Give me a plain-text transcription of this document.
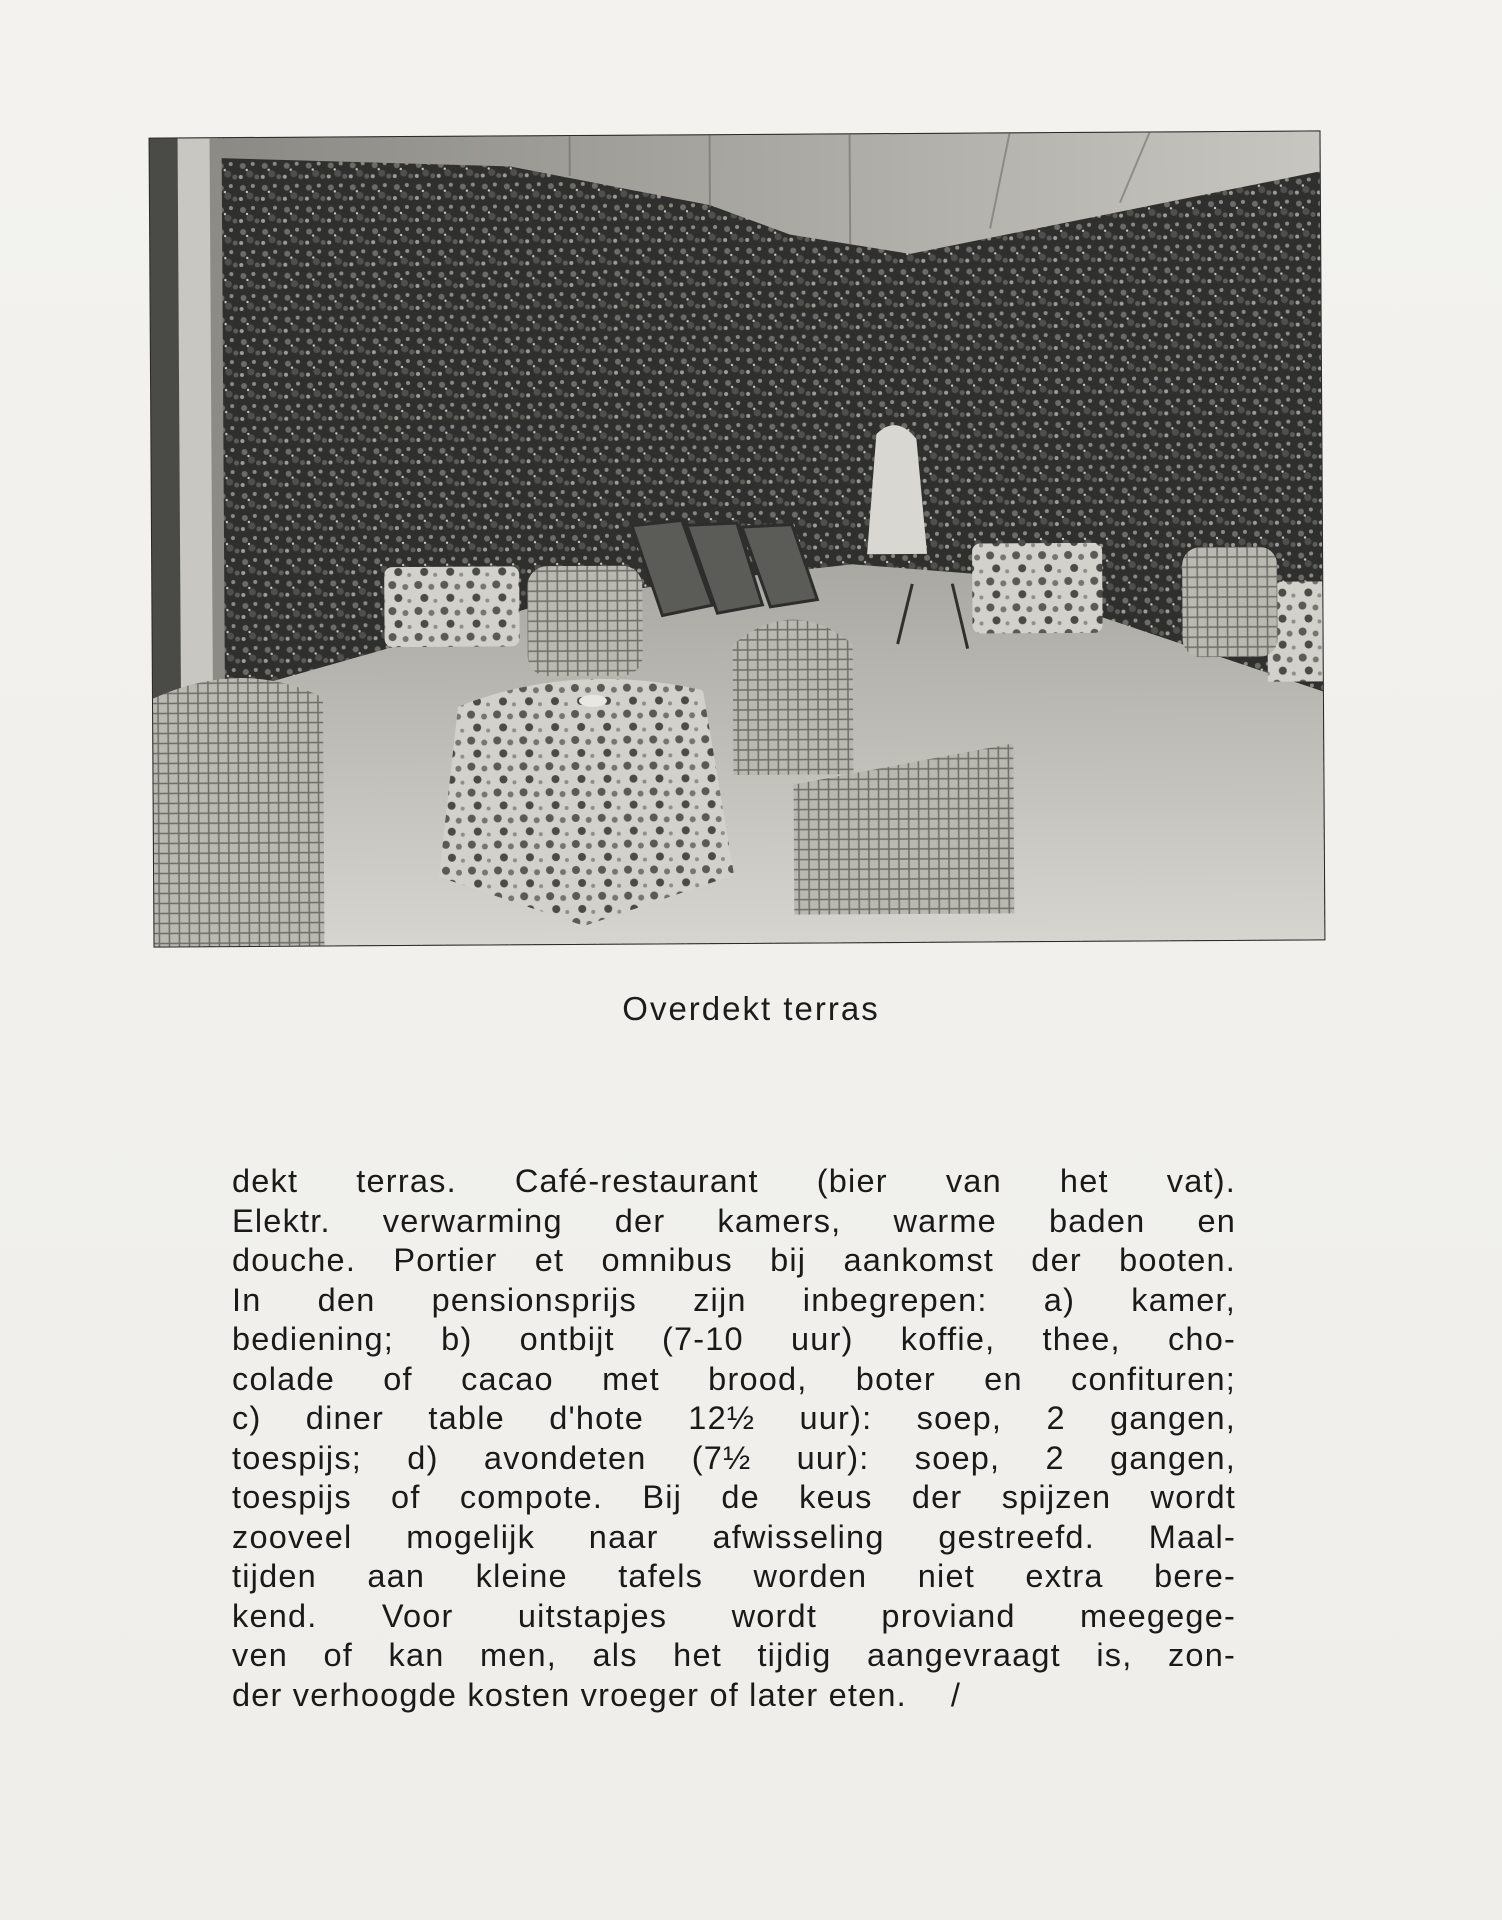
Overdekt terras
dekt terras. Café-restaurant (bier van het vat).
Elektr. verwarming der kamers, warme baden en
douche. Portier et omnibus bij aankomst der booten.
In den pensionsprijs zijn inbegrepen: a) kamer,
bediening; b) ontbijt (7-10 uur) koffie, thee, cho-
colade of cacao met brood, boter en confituren;
c) diner table d'hote 12½ uur): soep, 2 gangen,
toespijs; d) avondeten (7½ uur): soep, 2 gangen,
toespijs of compote. Bij de keus der spijzen wordt
zooveel mogelijk naar afwisseling gestreefd. Maal-
tijden aan kleine tafels worden niet extra bere-
kend. Voor uitstapjes wordt proviand meegege-
ven of kan men, als het tijdig aangevraagt is, zon-
der verhoogde kosten vroeger of later eten. /
